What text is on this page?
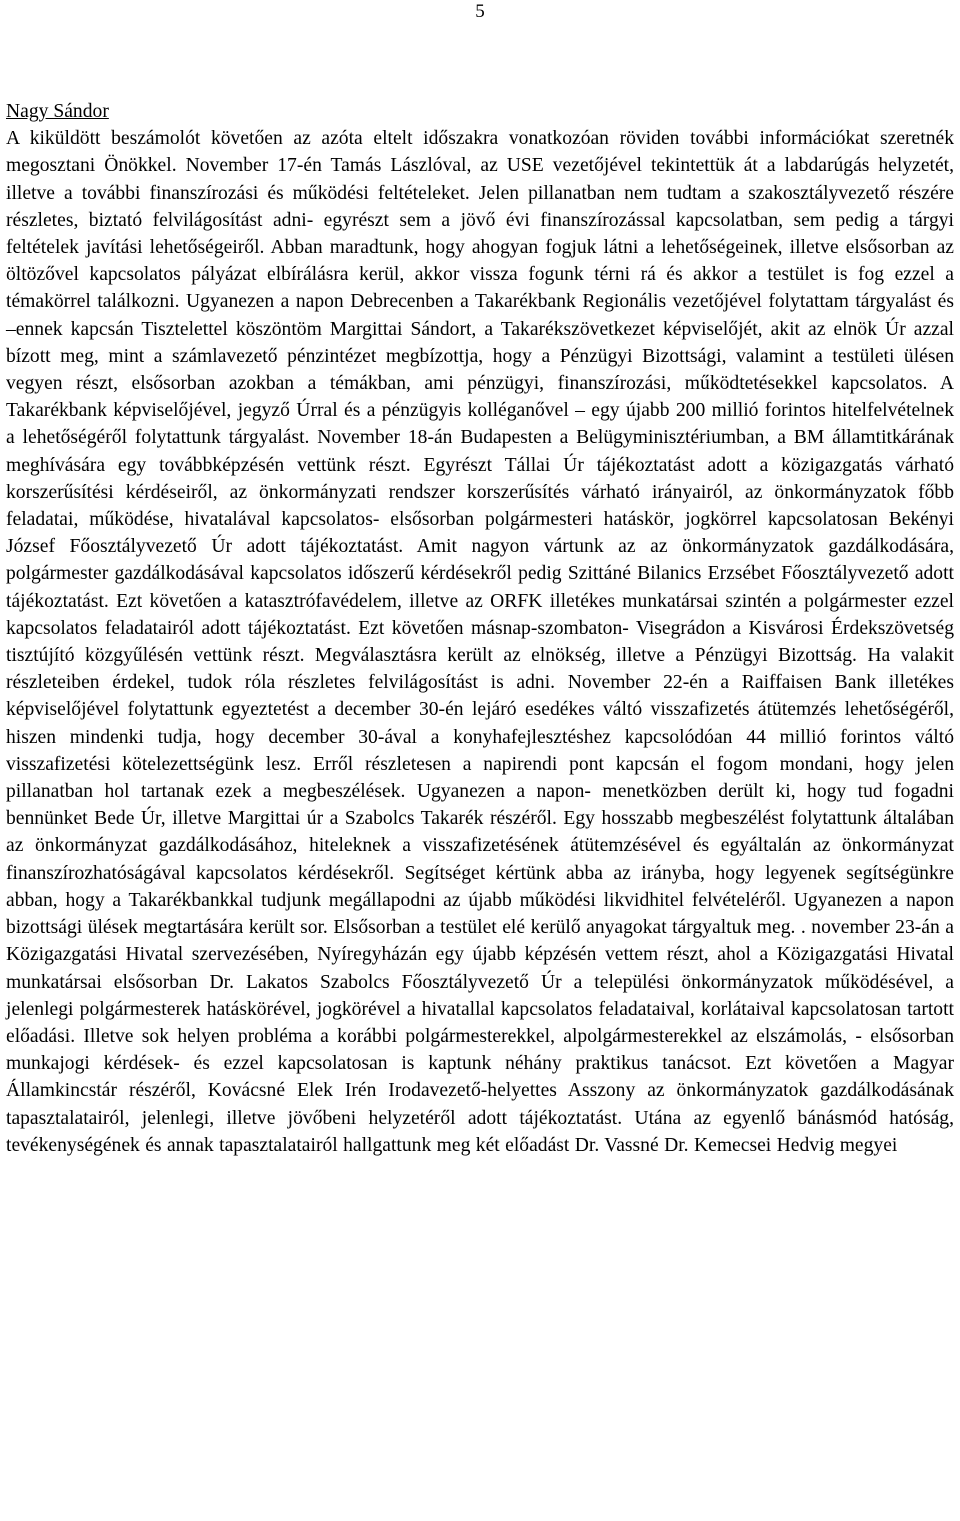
5
Nagy Sándor

A kiküldött beszámolót követően az azóta eltelt időszakra vonatkozóan röviden további információkat szeretnék megosztani Önökkel. November 17-én Tamás Lászlóval, az USE vezetőjével tekintettük át a labdarúgás helyzetét, illetve a további finanszírozási és működési feltételeket. Jelen pillanatban nem tudtam a szakosztályvezető részére részletes, biztató felvilágosítást adni- egyrészt sem a jövő évi finanszírozással kapcsolatban, sem pedig a tárgyi feltételek javítási lehetőségeiről. Abban maradtunk, hogy ahogyan fogjuk látni a lehetőségeinek, illetve elsősorban az öltözővel kapcsolatos pályázat elbírálásra kerül, akkor vissza fogunk térni rá és akkor a testület is fog ezzel a témakörrel találkozni. Ugyanezen a napon Debrecenben a Takarékbank Regionális vezetőjével folytattam tárgyalást és –ennek kapcsán Tisztelettel köszöntöm Margittai Sándort, a Takarékszövetkezet képviselőjét, akit az elnök Úr azzal bízott meg, mint a számlavezető pénzintézet megbízottja, hogy a Pénzügyi Bizottsági, valamint a testületi ülésen vegyen részt, elsősorban azokban a témákban, ami pénzügyi, finanszírozási, működtetésekkel kapcsolatos. A Takarékbank képviselőjével, jegyző Úrral és a pénzügyis kolléganővel – egy újabb 200 millió forintos hitelfelvételnek a lehetőségéről folytattunk tárgyalást. November 18-án Budapesten a Belügyminisztériumban, a BM államtitkárának meghívására egy továbbképzésén vettünk részt. Egyrészt Tállai Úr tájékoztatást adott a közigazgatás várható korszerűsítési kérdéseiről, az önkormányzati rendszer korszerűsítés várható irányairól, az önkormányzatok főbb feladatai, működése, hivatalával kapcsolatos- elsősorban polgármesteri hatáskör, jogkörrel kapcsolatosan Bekényi József Főosztályvezető Úr adott tájékoztatást. Amit nagyon vártunk az az önkormányzatok gazdálkodására, polgármester gazdálkodásával kapcsolatos időszerű kérdésekről pedig Szittáné Bilanics Erzsébet Főosztályvezető adott tájékoztatást. Ezt követően a katasztrófavédelem, illetve az ORFK illetékes munkatársai szintén a polgármester ezzel kapcsolatos feladatairól adott tájékoztatást. Ezt követően másnap-szombaton- Visegrádon a Kisvárosi Érdekszövetség tisztújító közgyűlésén vettünk részt. Megválasztásra került az elnökség, illetve a Pénzügyi Bizottság. Ha valakit részleteiben érdekel, tudok róla részletes felvilágosítást is adni. November 22-én a Raiffaisen Bank illetékes képviselőjével folytattunk egyeztetést a december 30-én lejáró esedékes váltó visszafizetés átütemzés lehetőségéről, hiszen mindenki tudja, hogy december 30-ával a konyhafejlesztéshez kapcsolódóan 44 millió forintos váltó visszafizetési kötelezettségünk lesz. Erről részletesen a napirendi pont kapcsán el fogom mondani, hogy jelen pillanatban hol tartanak ezek a megbeszélések. Ugyanezen a napon- menetközben derült ki, hogy tud fogadni bennünket Bede Úr, illetve Margittai úr a Szabolcs Takarék részéről. Egy hosszabb megbeszélést folytattunk általában az önkormányzat gazdálkodásához, hiteleknek a visszafizetésének átütemzésével és egyáltalán az önkormányzat finanszírozhatóságával kapcsolatos kérdésekről. Segítséget kértünk abba az irányba, hogy legyenek segítségünkre abban, hogy a Takarékbankkal tudjunk megállapodni az újabb működési likvidhitel felvételéről. Ugyanezen a napon bizottsági ülések megtartására került sor. Elsősorban a testület elé kerülő anyagokat tárgyaltuk meg. . november 23-án a Közigazgatási Hivatal szervezésében, Nyíregyházán egy újabb képzésén vettem részt, ahol a Közigazgatási Hivatal munkatársai elsősorban Dr. Lakatos Szabolcs Főosztályvezető Úr a települési önkormányzatok működésével, a jelenlegi polgármesterek hatáskörével, jogkörével a hivatallal kapcsolatos feladataival, korlátaival kapcsolatosan tartott előadási. Illetve sok helyen probléma a korábbi polgármesterekkel, alpolgármesterekkel az elszámolás, - elsősorban munkajogi kérdések- és ezzel kapcsolatosan is kaptunk néhány praktikus tanácsot. Ezt követően a Magyar Államkincstár részéről, Kovácsné Elek Irén Irodavezető-helyettes Asszony az önkormányzatok gazdálkodásának tapasztalatairól, jelenlegi, illetve jövőbeni helyzetéről adott tájékoztatást. Utána az egyenlő bánásmód hatóság, tevékenységének és annak tapasztalatairól hallgattunk meg két előadást Dr. Vassné Dr. Kemecsei Hedvig megyei
